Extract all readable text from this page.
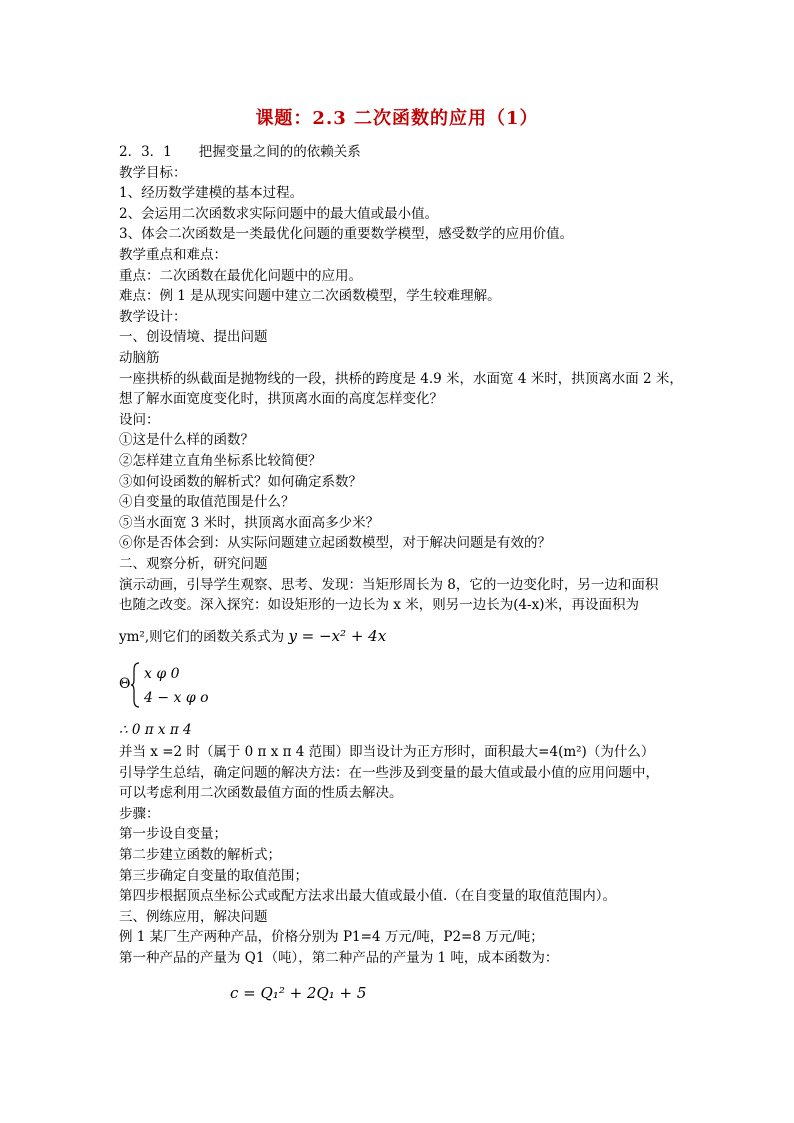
课题：2.3 二次函数的应用（1）
2．3．1　　把握变量之间的的依赖关系
教学目标：
1、经历数学建模的基本过程。
2、会运用二次函数求实际问题中的最大值或最小值。
3、体会二次函数是一类最优化问题的重要数学模型，感受数学的应用价值。
教学重点和难点：
重点：二次函数在最优化问题中的应用。
难点：例 1 是从现实问题中建立二次函数模型，学生较难理解。
教学设计：
一、创设情境、提出问题
动脑筋
一座拱桥的纵截面是抛物线的一段，拱桥的跨度是 4.9 米，水面宽 4 米时，拱顶离水面 2 米，
想了解水面宽度变化时，拱顶离水面的高度怎样变化？
设问：
①这是什么样的函数？
②怎样建立直角坐标系比较简便？
③如何设函数的解析式？如何确定系数？
④自变量的取值范围是什么？
⑤当水面宽 3 米时，拱顶离水面高多少米？
⑥你是否体会到：从实际问题建立起函数模型，对于解决问题是有效的？
二、观察分析，研究问题
演示动画，引导学生观察、思考、发现：当矩形周长为 8，它的一边变化时，另一边和面积
也随之改变。深入探究：如设矩形的一边长为 x 米，则另一边长为(4-x)米，再设面积为
ym²,则它们的函数关系式为 y = −x² + 4x
Θ
x φ 0
4 − x φ o
∴ 0 π x π 4
并当 x =2 时（属于 0 π x π 4 范围）即当设计为正方形时，面积最大=4(m²)（为什么）
引导学生总结，确定问题的解决方法：在一些涉及到变量的最大值或最小值的应用问题中，
可以考虑利用二次函数最值方面的性质去解决。
步骤：
第一步设自变量；
第二步建立函数的解析式；
第三步确定自变量的取值范围；
第四步根据顶点坐标公式或配方法求出最大值或最小值.（在自变量的取值范围内）。
三、例练应用，解决问题
例 1 某厂生产两种产品，价格分别为 P1=4 万元/吨，P2=8 万元/吨；
第一种产品的产量为 Q1（吨），第二种产品的产量为 1 吨，成本函数为：
c = Q₁² + 2Q₁ + 5
